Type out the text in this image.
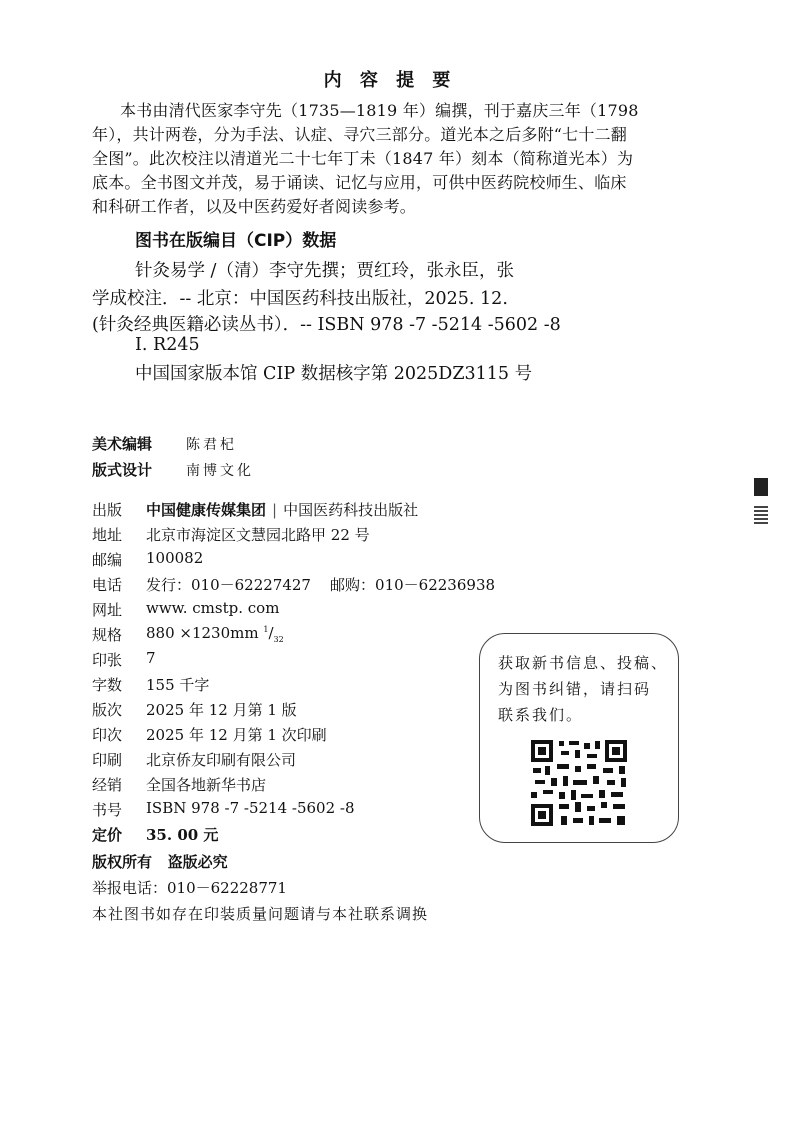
内 容 提 要
本书由清代医家李守先（1735—1819 年）编撰，刊于嘉庆三年（1798
年），共计两卷，分为手法、认症、寻穴三部分。道光本之后多附“七十二翻
全图”。此次校注以清道光二十七年丁未（1847 年）刻本（简称道光本）为
底本。全书图文并茂，易于诵读、记忆与应用，可供中医药院校师生、临床
和科研工作者，以及中医药爱好者阅读参考。
图书在版编目（CIP）数据
针灸易学 /（清）李守先撰；贾红玲，张永臣，张
学成校注．-- 北京：中国医药科技出版社，2025. 12.
(针灸经典医籍必读丛书）．-- ISBN 978 -7 -5214 -5602 -8
Ⅰ. R245
中国国家版本馆 CIP 数据核字第 2025DZ3115 号
美术编辑 陈君杞
版式设计 南博文化
出版 中国健康传媒集团 | 中国医药科技出版社
地址 北京市海淀区文慧园北路甲 22 号
邮编 100082
电话 发行：010－62227427    邮购：010－62236938
网址 www. cmstp. com
规格 880 ×1230mm $^1/_{32}$
印张 7
字数 155 千字
版次 2025 年 12 月第 1 版
印次 2025 年 12 月第 1 次印刷
印刷 北京侨友印刷有限公司
经销 全国各地新华书店
书号 ISBN 978 -7 -5214 -5602 -8
定价 35. 00 元
版权所有   盗版必究
举报电话：010－62228771
本社图书如存在印装质量问题请与本社联系调换
获取新书信息、投稿、
为图书纠错，请扫码
联系我们。
